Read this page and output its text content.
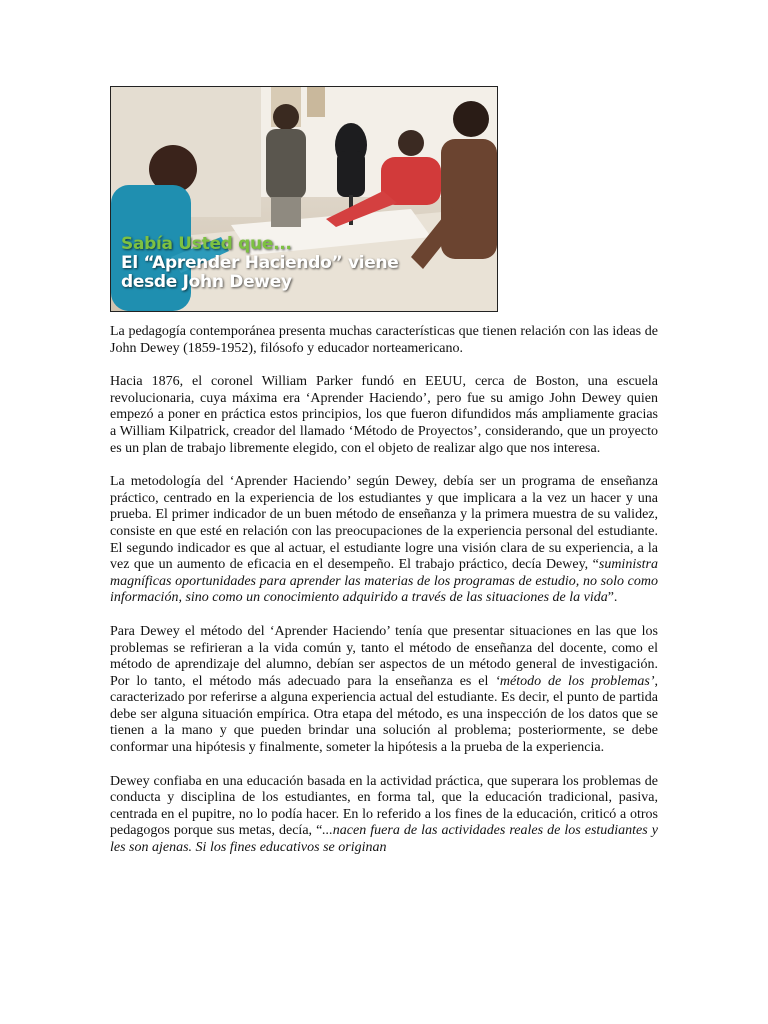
Sabía Usted que...
El “Aprender Haciendo” viene
desde John Dewey

La pedagogía contemporánea presenta muchas características que tienen relación con las ideas de John Dewey (1859-1952), filósofo y educador norteamericano.

Hacia 1876, el coronel William Parker fundó en EEUU, cerca de Boston, una escuela revolucionaria, cuya máxima era ‘Aprender Haciendo’, pero fue su amigo John Dewey quien empezó a poner en práctica estos principios, los que fueron difundidos más ampliamente gracias a William Kilpatrick, creador del llamado ‘Método de Proyectos’, considerando, que un proyecto es un plan de trabajo libremente elegido, con el objeto de realizar algo que nos interesa.

La metodología del ‘Aprender Haciendo’ según Dewey, debía ser un programa de enseñanza práctico, centrado en la experiencia de los estudiantes y que implicara a la vez un hacer y una prueba. El primer indicador de un buen método de enseñanza y la primera muestra de su validez, consiste en que esté en relación con las preocupaciones de la experiencia personal del estudiante. El segundo indicador es que al actuar, el estudiante logre una visión clara de su experiencia, a la vez que un aumento de eficacia en el desempeño. El trabajo práctico, decía Dewey, “suministra magníficas oportunidades para aprender las materias de los programas de estudio, no solo como información, sino como un conocimiento adquirido a través de las situaciones de la vida”.

Para Dewey el método del ‘Aprender Haciendo’ tenía que presentar situaciones en las que los problemas se refirieran a la vida común y, tanto el método de enseñanza del docente, como el método de aprendizaje del alumno, debían ser aspectos de un método general de investigación. Por lo tanto, el método más adecuado para la enseñanza es el ‘método de los problemas’, caracterizado por referirse a alguna experiencia actual del estudiante. Es decir, el punto de partida debe ser alguna situación empírica. Otra etapa del método, es una inspección de los datos que se tienen a la mano y que pueden brindar una solución al problema; posteriormente, se debe conformar una hipótesis y finalmente, someter la hipótesis a la prueba de la experiencia.

Dewey confiaba en una educación basada en la actividad práctica, que superara los problemas de conducta y disciplina de los estudiantes, en forma tal, que la educación tradicional, pasiva, centrada en el pupitre, no lo podía hacer. En lo referido a los fines de la educación, criticó a otros pedagogos porque sus metas, decía, “...nacen fuera de las actividades reales de los estudiantes y les son ajenas. Si los fines educativos se originan
